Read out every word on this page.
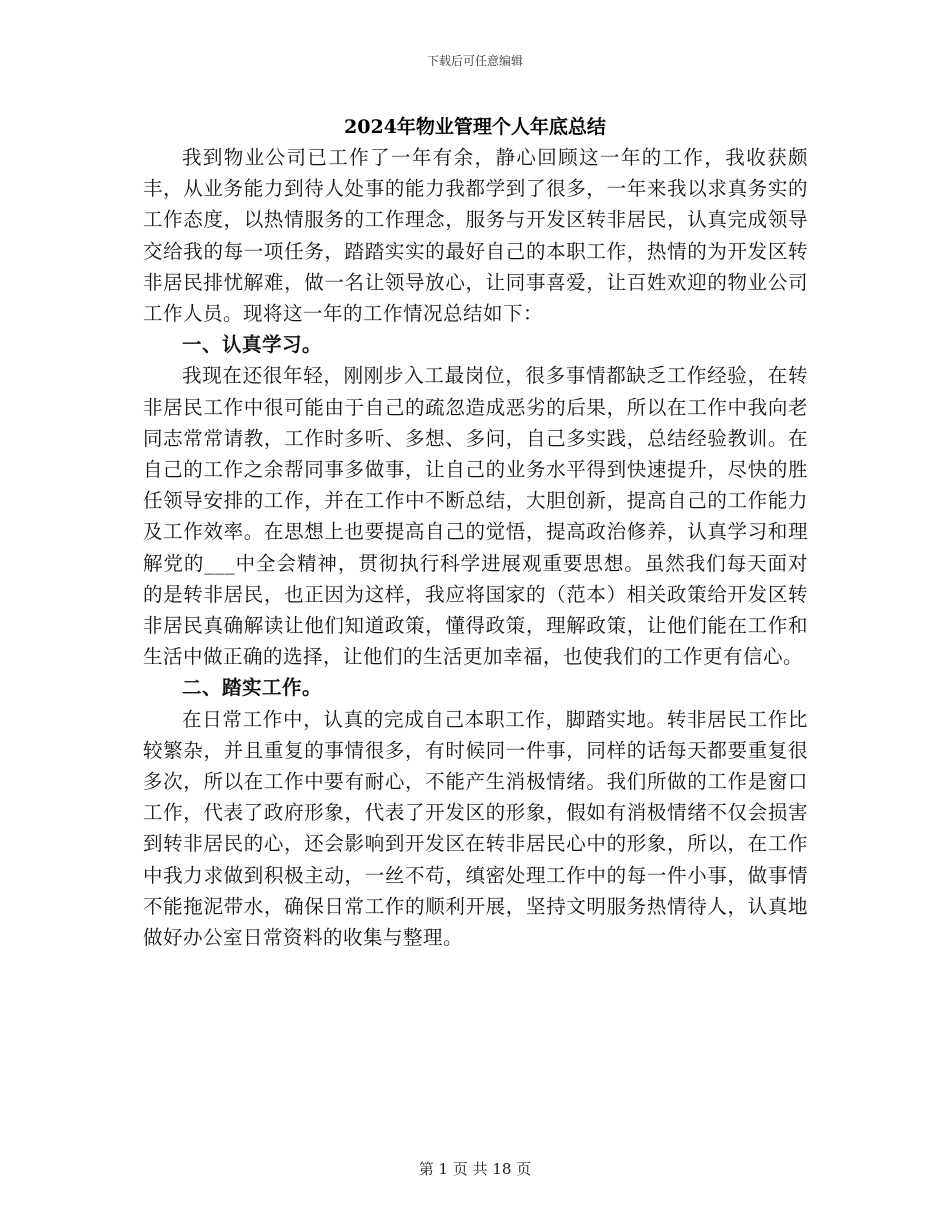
下载后可任意编辑
2024年物业管理个人年底总结

我到物业公司已工作了一年有余，静心回顾这一年的工作，我收获颇丰，从业务能力到待人处事的能力我都学到了很多，一年来我以求真务实的工作态度，以热情服务的工作理念，服务与开发区转非居民，认真完成领导交给我的每一项任务，踏踏实实的最好自己的本职工作，热情的为开发区转非居民排忧解难，做一名让领导放心，让同事喜爱，让百姓欢迎的物业公司工作人员。现将这一年的工作情况总结如下：

一、认真学习。

我现在还很年轻，刚刚步入工最岗位，很多事情都缺乏工作经验，在转非居民工作中很可能由于自己的疏忽造成恶劣的后果，所以在工作中我向老同志常常请教，工作时多听、多想、多问，自己多实践，总结经验教训。在自己的工作之余帮同事多做事，让自己的业务水平得到快速提升，尽快的胜任领导安排的工作，并在工作中不断总结，大胆创新，提高自己的工作能力及工作效率。在思想上也要提高自己的觉悟，提高政治修养，认真学习和理解党的___中全会精神，贯彻执行科学进展观重要思想。虽然我们每天面对的是转非居民，也正因为这样，我应将国家的（范本）相关政策给开发区转非居民真确解读让他们知道政策，懂得政策，理解政策，让他们能在工作和生活中做正确的选择，让他们的生活更加幸福，也使我们的工作更有信心。

二、踏实工作。

在日常工作中，认真的完成自己本职工作，脚踏实地。转非居民工作比较繁杂，并且重复的事情很多，有时候同一件事，同样的话每天都要重复很多次，所以在工作中要有耐心，不能产生消极情绪。我们所做的工作是窗口工作，代表了政府形象，代表了开发区的形象，假如有消极情绪不仅会损害到转非居民的心，还会影响到开发区在转非居民心中的形象，所以，在工作中我力求做到积极主动，一丝不苟，缜密处理工作中的每一件小事，做事情不能拖泥带水，确保日常工作的顺利开展，坚持文明服务热情待人，认真地做好办公室日常资料的收集与整理。

第 1 页 共 18 页
